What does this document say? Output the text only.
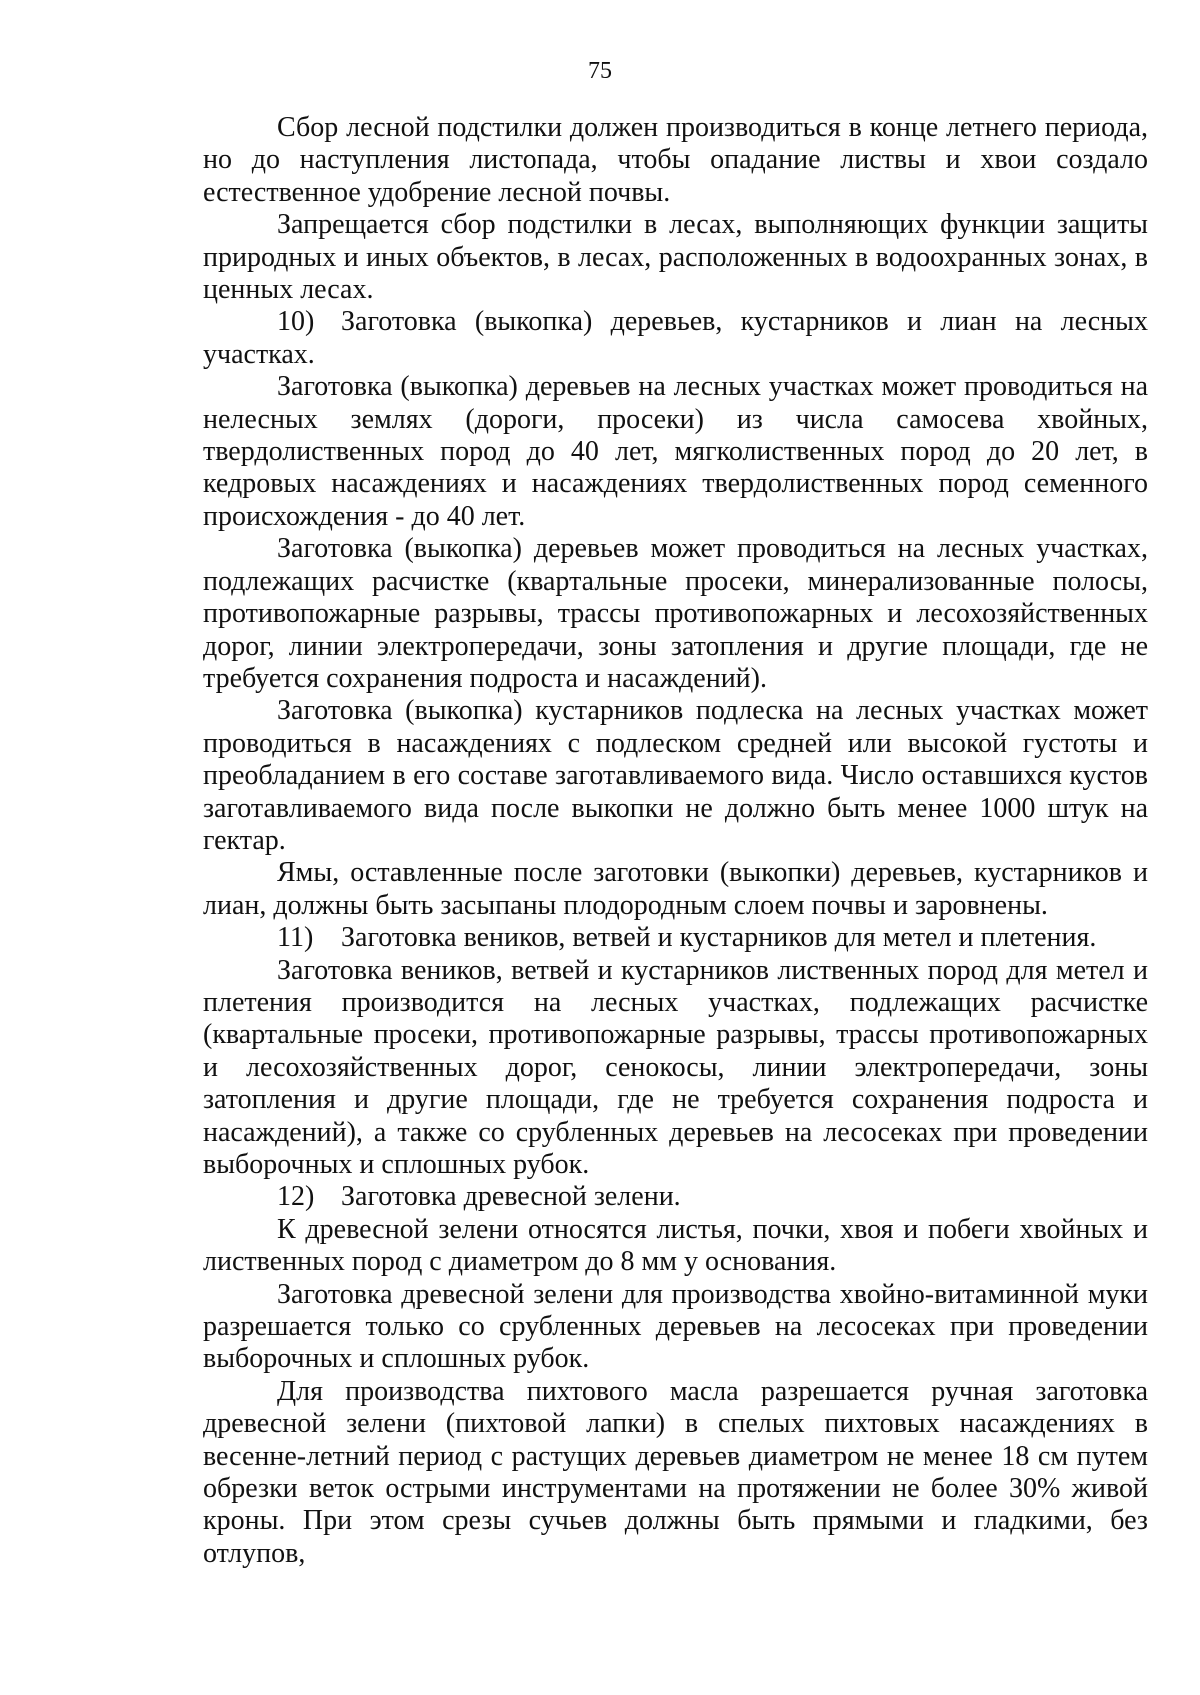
75

Сбор лесной подстилки должен производиться в конце летнего периода, но до наступления листопада, чтобы опадание листвы и хвои создало естественное удобрение лесной почвы.

Запрещается сбор подстилки в лесах, выполняющих функции защиты природных и иных объектов, в лесах, расположенных в водоохранных зонах, в ценных лесах.

10) Заготовка (выкопка) деревьев, кустарников и лиан на лесных участках.

Заготовка (выкопка) деревьев на лесных участках может проводиться на нелесных землях (дороги, просеки) из числа самосева хвойных, твердолиственных пород до 40 лет, мягколиственных пород до 20 лет, в кедровых насаждениях и насаждениях твердолиственных пород семенного происхождения - до 40 лет.

Заготовка (выкопка) деревьев может проводиться на лесных участках, подлежащих расчистке (квартальные просеки, минерализованные полосы, противопожарные разрывы, трассы противопожарных и лесохозяйственных дорог, линии электропередачи, зоны затопления и другие площади, где не требуется сохранения подроста и насаждений).

Заготовка (выкопка) кустарников подлеска на лесных участках может проводиться в насаждениях с подлеском средней или высокой густоты и преобладанием в его составе заготавливаемого вида. Число оставшихся кустов заготавливаемого вида после выкопки не должно быть менее 1000 штук на гектар.

Ямы, оставленные после заготовки (выкопки) деревьев, кустарников и лиан, должны быть засыпаны плодородным слоем почвы и заровнены.

11) Заготовка веников, ветвей и кустарников для метел и плетения.

Заготовка веников, ветвей и кустарников лиственных пород для метел и плетения производится на лесных участках, подлежащих расчистке (квартальные просеки, противопожарные разрывы, трассы противопожарных и лесохозяйственных дорог, сенокосы, линии электропередачи, зоны затопления и другие площади, где не требуется сохранения подроста и насаждений), а также со срубленных деревьев на лесосеках при проведении выборочных и сплошных рубок.

12) Заготовка древесной зелени.

К древесной зелени относятся листья, почки, хвоя и побеги хвойных и лиственных пород с диаметром до 8 мм у основания.

Заготовка древесной зелени для производства хвойно-витаминной муки разрешается только со срубленных деревьев на лесосеках при проведении выборочных и сплошных рубок.

Для производства пихтового масла разрешается ручная заготовка древесной зелени (пихтовой лапки) в спелых пихтовых насаждениях в весенне-летний период с растущих деревьев диаметром не менее 18 см путем обрезки веток острыми инструментами на протяжении не более 30% живой кроны. При этом срезы сучьев должны быть прямыми и гладкими, без отлупов,
